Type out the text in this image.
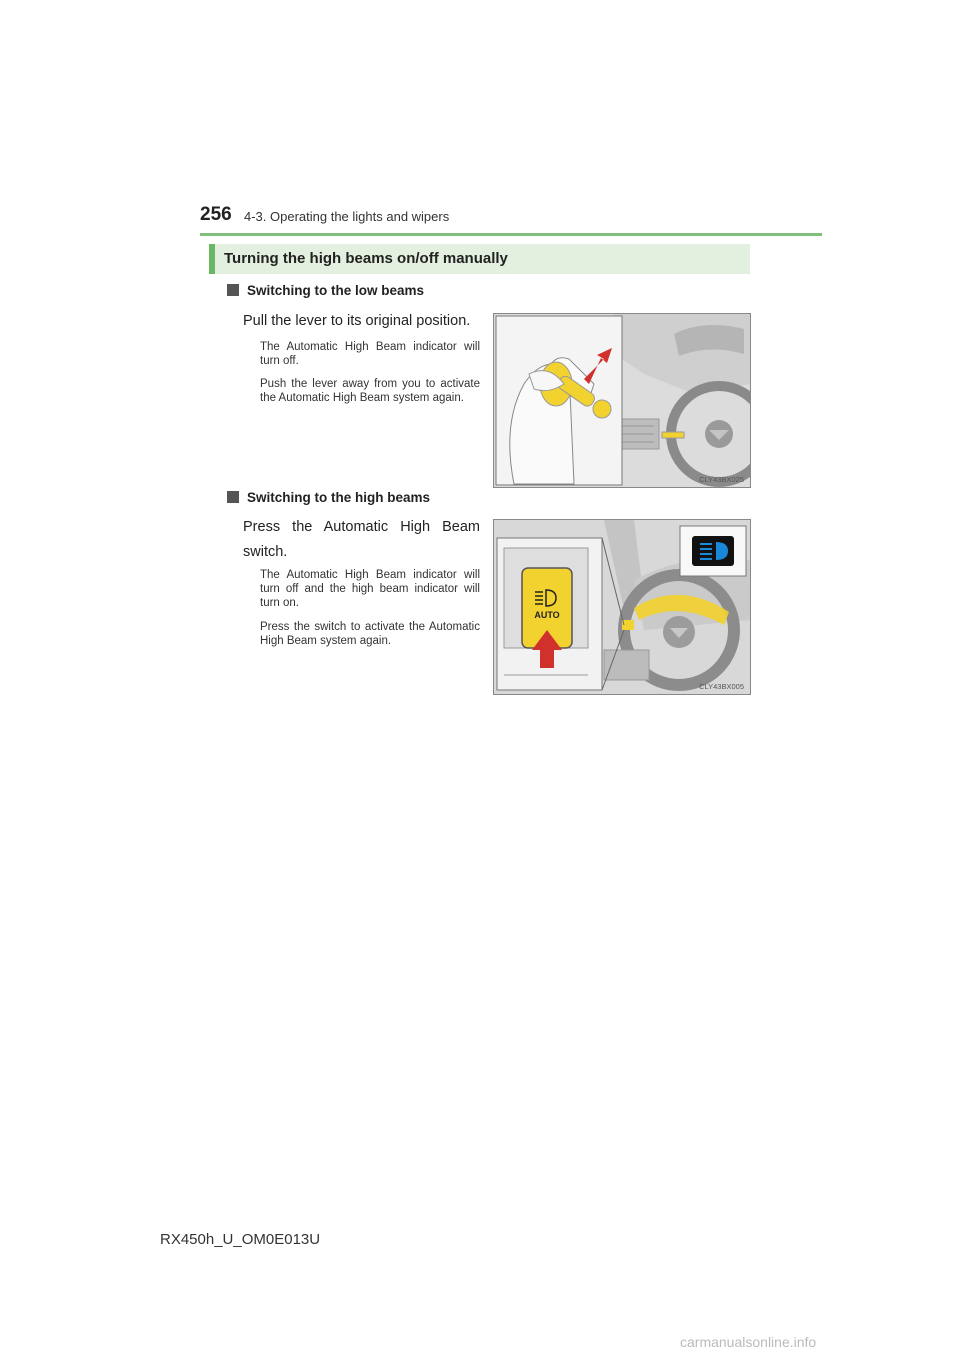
256 4-3. Operating the lights and wipers
Turning the high beams on/off manually
Switching to the low beams
Pull the lever to its original position.
The Automatic High Beam indicator will turn off.
Push the lever away from you to activate the Automatic High Beam system again.
CLY43BX025
Switching to the high beams
Press the Automatic High Beam switch.
The Automatic High Beam indicator will turn off and the high beam indicator will turn on.
Press the switch to activate the Automatic High Beam system again.
AUTO
CLY43BX005
RX450h_U_OM0E013U
carmanualsonline.info
